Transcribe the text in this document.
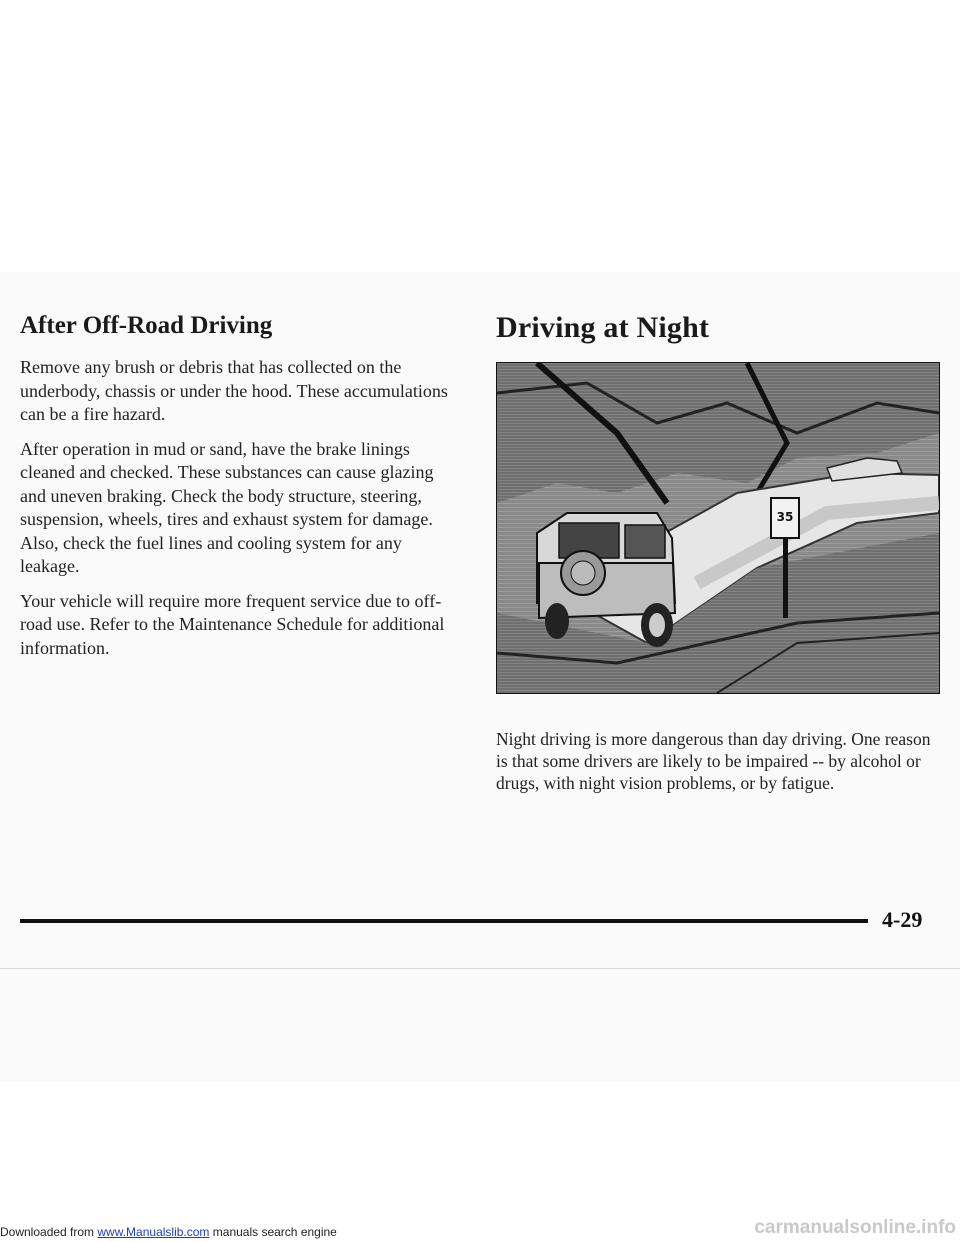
After Off-Road Driving

Remove any brush or debris that has collected on the underbody, chassis or under the hood. These accumulations can be a fire hazard.

After operation in mud or sand, have the brake linings cleaned and checked. These substances can cause glazing and uneven braking. Check the body structure, steering, suspension, wheels, tires and exhaust system for damage. Also, check the fuel lines and cooling system for any leakage.

Your vehicle will require more frequent service due to off-road use. Refer to the Maintenance Schedule for additional information.

Driving at Night
35

Night driving is more dangerous than day driving. One reason is that some drivers are likely to be impaired -- by alcohol or drugs, with night vision problems, or by fatigue.

4-29
Downloaded from www.Manualslib.com manuals search engine	carmanualsonline.info
